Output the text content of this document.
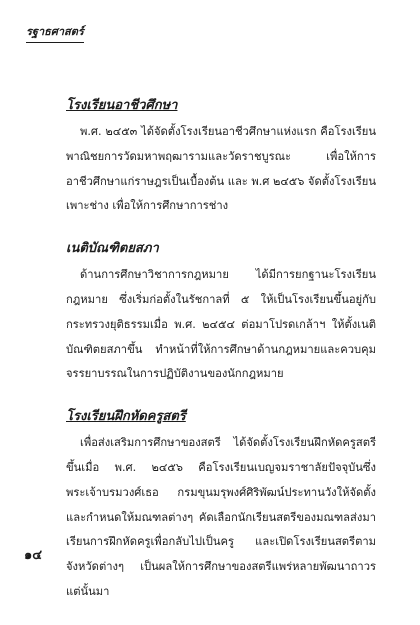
รฐาธศาสตร์
โรงเรียนอาชีวศึกษา

พ.ศ. ๒๔๕๓ ได้จัดตั้งโรงเรียนอาชีวศึกษาแห่งแรก คือโรงเรียนพาณิชยการวัดมหาพฤฒารามและวัดราชบูรณะ เพื่อให้การอาชีวศึกษาแก่ราษฎรเป็นเบื้องต้น และ พ.ศ ๒๔๕๖ จัดตั้งโรงเรียนเพาะช่าง เพื่อให้การศึกษาการช่าง

เนติบัณฑิตยสภา

ด้านการศึกษาวิชาการกฎหมาย ได้มีการยกฐานะโรงเรียนกฎหมาย ซึ่งเริ่มก่อตั้งในรัชกาลที่ ๕ ให้เป็นโรงเรียนขึ้นอยู่กับกระทรวงยุติธรรมเมื่อ พ.ศ. ๒๔๕๔ ต่อมาโปรดเกล้าฯ ให้ตั้งเนติบัณฑิตยสภาขึ้น ทำหน้าที่ให้การศึกษาด้านกฎหมายและควบคุมจรรยาบรรณในการปฏิบัติงานของนักกฎหมาย

โรงเรียนฝึกหัดครูสตรี

เพื่อส่งเสริมการศึกษาของสตรี ได้จัดตั้งโรงเรียนฝึกหัดครูสตรีขึ้นเมื่อ พ.ศ. ๒๔๕๖ คือโรงเรียนเบญจมราชาลัยปัจจุบันซึ่งพระเจ้าบรมวงศ์เธอ กรมขุนมรุพงศ์ศิริพัฒน์ประทานวังให้จัดตั้งและกำหนดให้มณฑลต่างๆ คัดเลือกนักเรียนสตรีของมณฑลส่งมาเรียนการฝึกหัดครูเพื่อกลับไปเป็นครู และเปิดโรงเรียนสตรีตามจังหวัดต่างๆ เป็นผลให้การศึกษาของสตรีแพร่หลายพัฒนาถาวรแต่นั้นมา

๑๔
